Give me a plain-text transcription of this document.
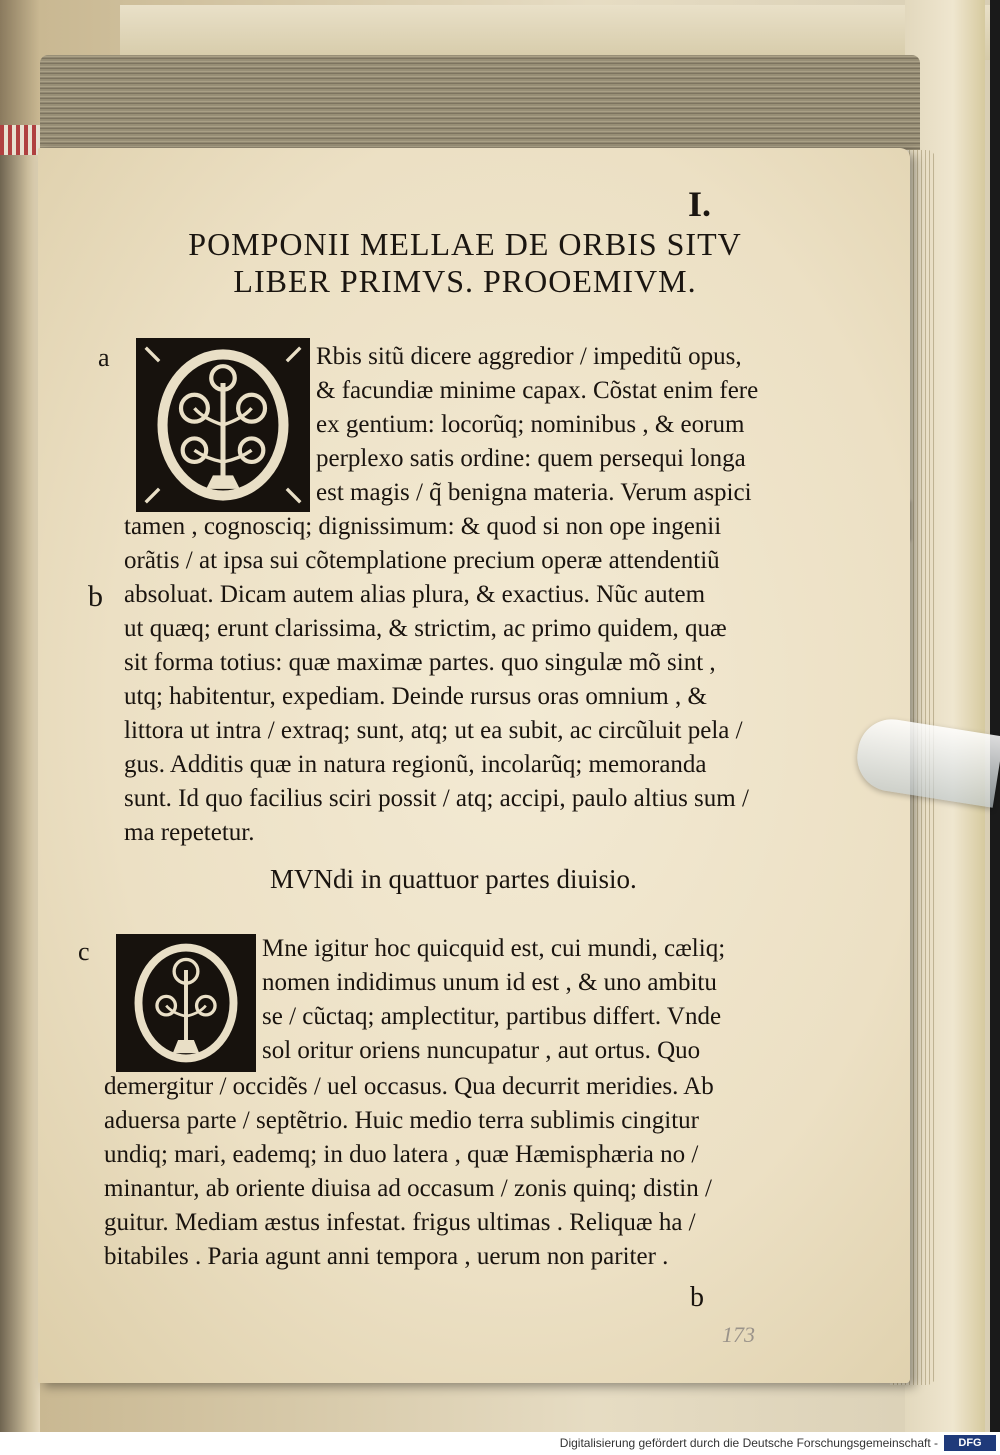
I.
POMPONII MELLAE DE ORBIS SITV
LIBER PRIMVS. PROOEMIVM.
a
b
c
Rbis sitũ dicere aggredior / impeditũ opus,
& facundiæ minime capax. Cõstat enim fere
ex gentium: locorũq; nominibus , & eorum
perplexo satis ordine: quem persequi longa
est magis / q̃ benigna materia. Verum aspici
tamen , cognosciq; dignissimum: & quod si non ope ingenii
orãtis / at ipsa sui cõtemplatione precium operæ attendentiũ
absoluat. Dicam autem alias plura, & exactius. Nũc autem
ut quæq; erunt clarissima, & strictim, ac primo quidem, quæ
sit forma totius: quæ maximæ partes. quo singulæ mõ sint ,
utq; habitentur, expediam. Deinde rursus oras omnium , &
littora ut intra / extraq; sunt, atq; ut ea subit, ac circũluit pela /
gus. Additis quæ in natura regionũ, incolarũq; memoranda
sunt. Id quo facilius sciri possit / atq; accipi, paulo altius sum /
ma repetetur.
MVNdi in quattuor partes diuisio.
Mne igitur hoc quicquid est, cui mundi, cæliq;
nomen indidimus unum id est , & uno ambitu
se / cũctaq; amplectitur, partibus differt. Vnde
sol oritur oriens nuncupatur , aut ortus. Quo
demergitur / occidẽs / uel occasus. Qua decurrit meridies. Ab
aduersa parte / septẽtrio. Huic medio terra sublimis cingitur
undiq; mari, eademq; in duo latera , quæ Hæmisphæria no /
minantur, ab oriente diuisa ad occasum / zonis quinq; distin /
guitur. Mediam æstus infestat. frigus ultimas . Reliquæ ha /
bitabiles . Paria agunt anni tempora , uerum non pariter .
b
173
Digitalisierung gefördert durch die Deutsche Forschungsgemeinschaft -	DFG
